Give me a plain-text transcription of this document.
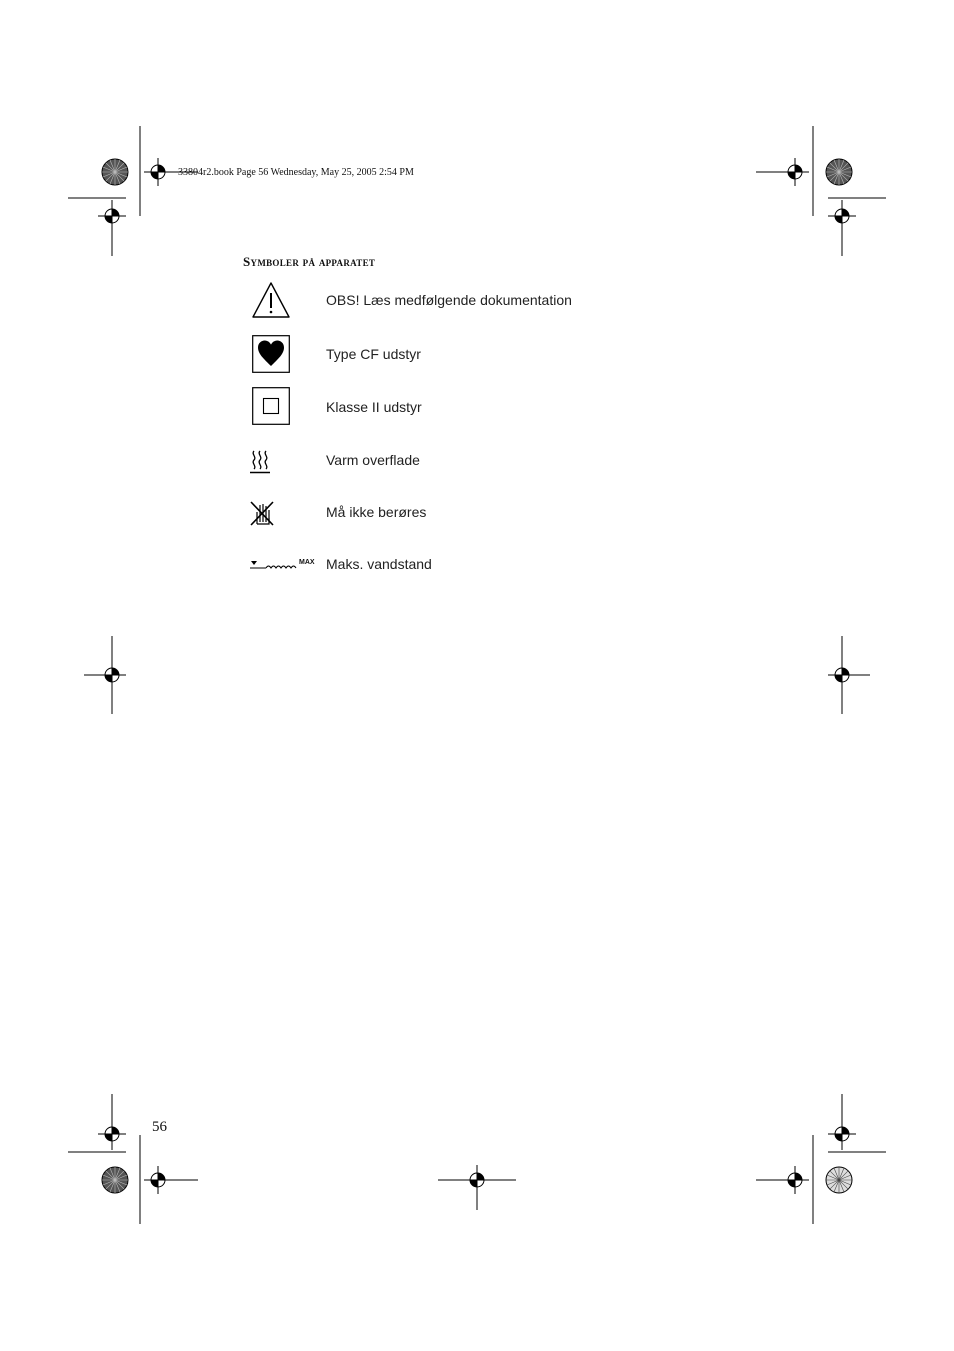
33804r2.book Page 56 Wednesday, May 25, 2005 2:54 PM
Symboler på apparatet
OBS! Læs medfølgende dokumentation
Type CF udstyr
Klasse II udstyr
Varm overflade
Må ikke berøres
MAX Maks. vandstand
56
